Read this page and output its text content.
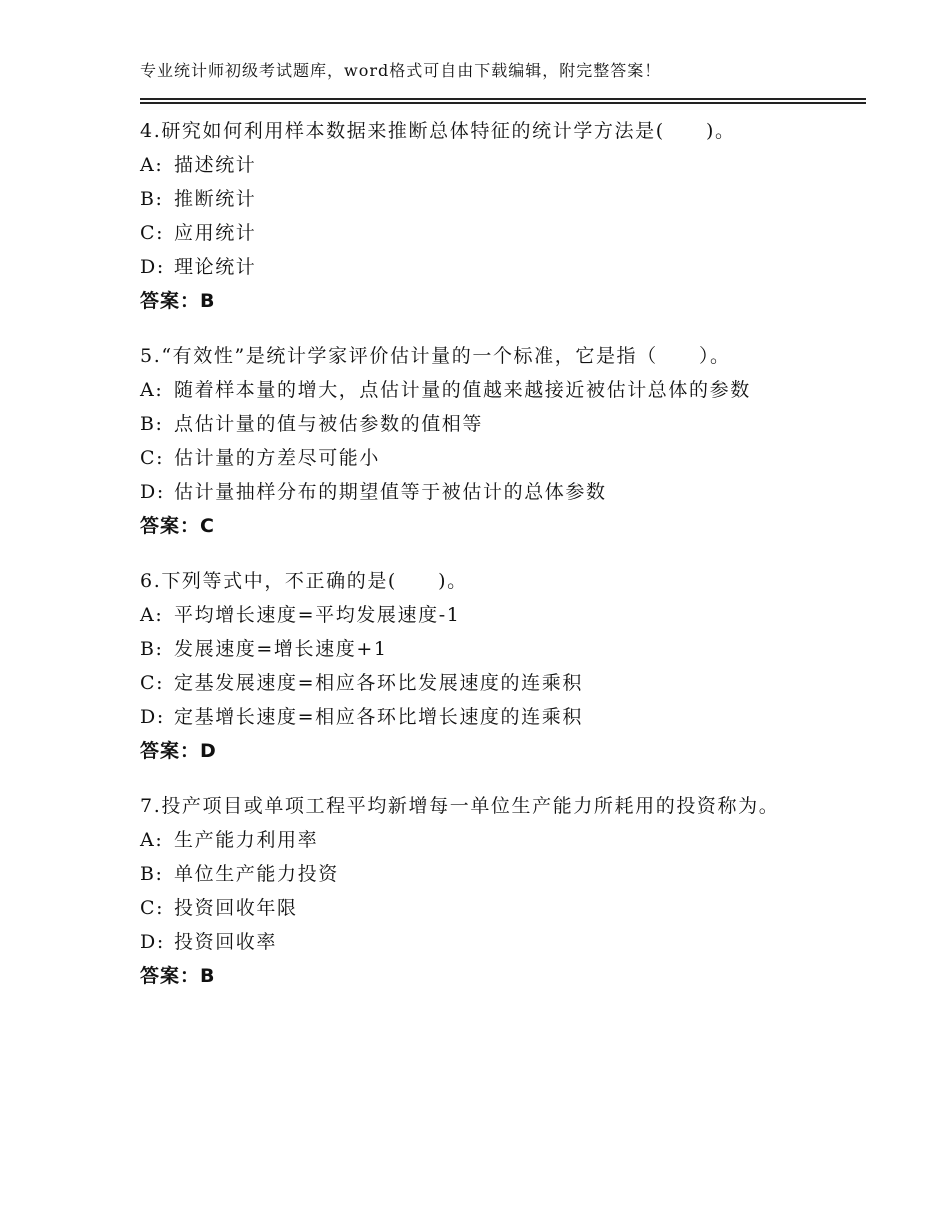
专业统计师初级考试题库，word格式可自由下载编辑，附完整答案！
4.研究如何利用样本数据来推断总体特征的统计学方法是(　　)。
A: 描述统计
B: 推断统计
C: 应用统计
D: 理论统计
答案：B
5.“有效性”是统计学家评价估计量的一个标准，它是指（　　）。
A: 随着样本量的增大，点估计量的值越来越接近被估计总体的参数
B: 点估计量的值与被估参数的值相等
C: 估计量的方差尽可能小
D: 估计量抽样分布的期望值等于被估计的总体参数
答案：C
6.下列等式中，不正确的是(　　)。
A: 平均增长速度=平均发展速度-1
B: 发展速度=增长速度+1
C: 定基发展速度=相应各环比发展速度的连乘积
D: 定基增长速度=相应各环比增长速度的连乘积
答案：D
7.投产项目或单项工程平均新增每一单位生产能力所耗用的投资称为。
A: 生产能力利用率
B: 单位生产能力投资
C: 投资回收年限
D: 投资回收率
答案：B
